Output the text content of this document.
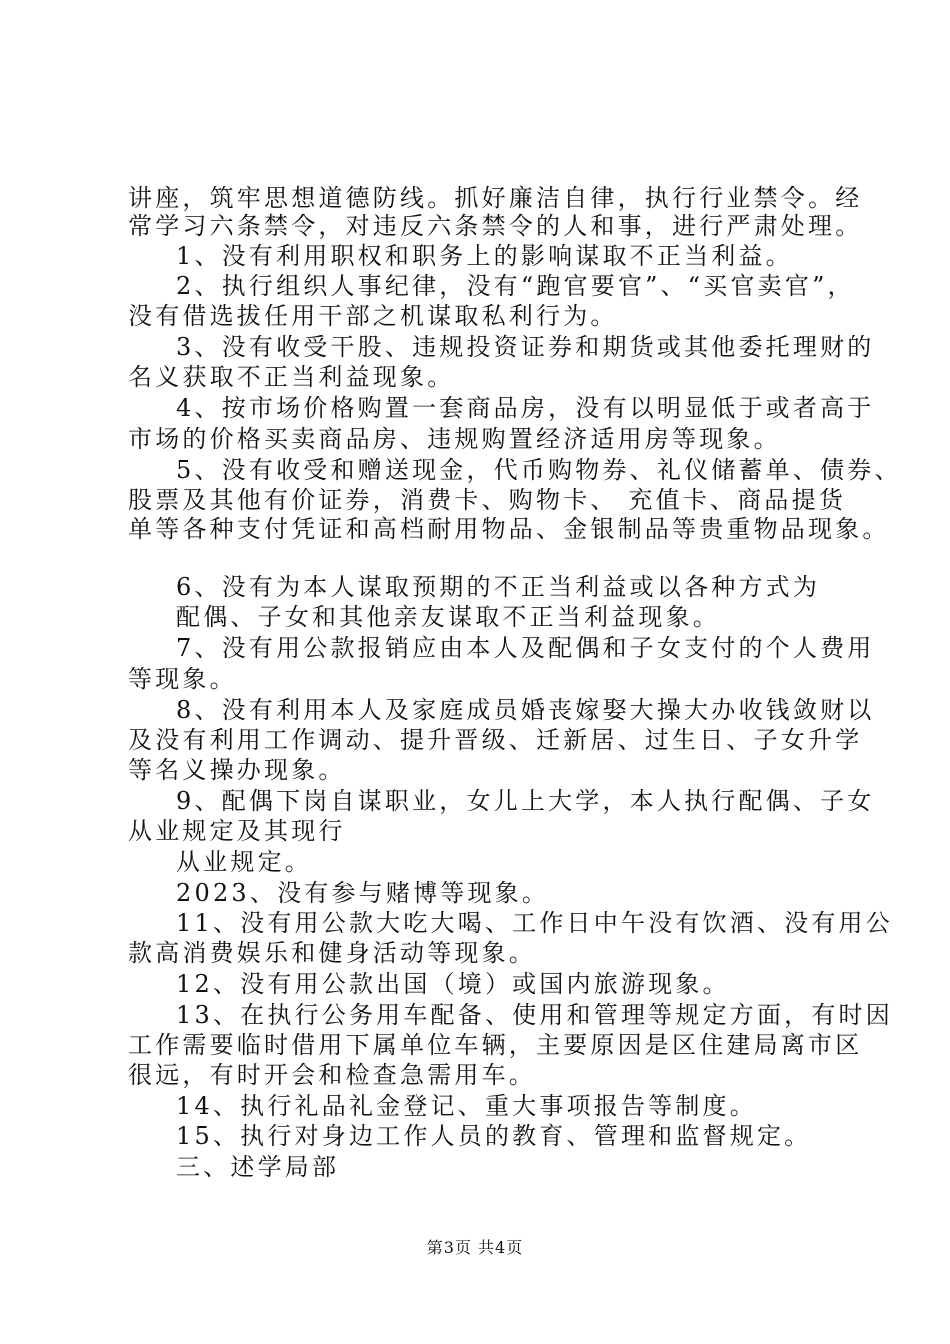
讲座，筑牢思想道德防线。抓好廉洁自律，执行行业禁令。经
常学习六条禁令，对违反六条禁令的人和事，进行严肃处理。
1、没有利用职权和职务上的影响谋取不正当利益。
2、执行组织人事纪律，没有“跑官要官”、“买官卖官”，
没有借选拔任用干部之机谋取私利行为。
3、没有收受干股、违规投资证券和期货或其他委托理财的
名义获取不正当利益现象。
4、按市场价格购置一套商品房，没有以明显低于或者高于
市场的价格买卖商品房、违规购置经济适用房等现象。
5、没有收受和赠送现金，代币购物券、礼仪储蓄单、债券、
股票及其他有价证券，消费卡、购物卡、 充值卡、商品提货
单等各种支付凭证和高档耐用物品、金银制品等贵重物品现象。
6、没有为本人谋取预期的不正当利益或以各种方式为
配偶、子女和其他亲友谋取不正当利益现象。
7、没有用公款报销应由本人及配偶和子女支付的个人费用
等现象。
8、没有利用本人及家庭成员婚丧嫁娶大操大办收钱敛财以
及没有利用工作调动、提升晋级、迁新居、过生日、子女升学
等名义操办现象。
9、配偶下岗自谋职业，女儿上大学，本人执行配偶、子女
从业规定及其现行
从业规定。
2023、没有参与赌博等现象。
11、没有用公款大吃大喝、工作日中午没有饮酒、没有用公
款高消费娱乐和健身活动等现象。
12、没有用公款出国（境）或国内旅游现象。
13、在执行公务用车配备、使用和管理等规定方面，有时因
工作需要临时借用下属单位车辆，主要原因是区住建局离市区
很远，有时开会和检查急需用车。
14、执行礼品礼金登记、重大事项报告等制度。
15、执行对身边工作人员的教育、管理和监督规定。
三、述学局部
第3页 共4页
